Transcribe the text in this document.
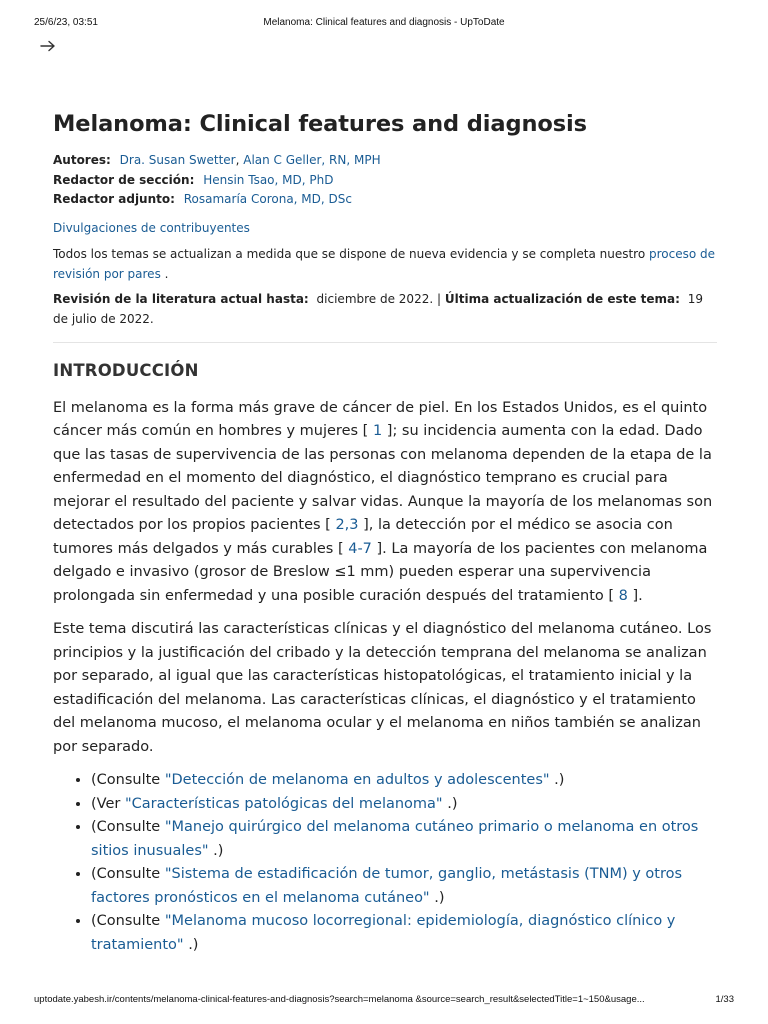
25/6/23, 03:51	Melanoma: Clinical features and diagnosis - UpToDate
Melanoma: Clinical features and diagnosis
Autores: Dra. Susan Swetter, Alan C Geller, RN, MPH
Redactor de sección: Hensin Tsao, MD, PhD
Redactor adjunto: Rosamaría Corona, MD, DSc
Divulgaciones de contribuyentes
Todos los temas se actualizan a medida que se dispone de nueva evidencia y se completa nuestro proceso de revisión por pares .
Revisión de la literatura actual hasta: diciembre de 2022. | Última actualización de este tema: 19 de julio de 2022.
INTRODUCCIÓN

El melanoma es la forma más grave de cáncer de piel. En los Estados Unidos, es el quinto cáncer más común en hombres y mujeres [ 1 ]; su incidencia aumenta con la edad. Dado que las tasas de supervivencia de las personas con melanoma dependen de la etapa de la enfermedad en el momento del diagnóstico, el diagnóstico temprano es crucial para mejorar el resultado del paciente y salvar vidas. Aunque la mayoría de los melanomas son detectados por los propios pacientes [ 2,3 ], la detección por el médico se asocia con tumores más delgados y más curables [ 4-7 ]. La mayoría de los pacientes con melanoma delgado e invasivo (grosor de Breslow ≤1 mm) pueden esperar una supervivencia prolongada sin enfermedad y una posible curación después del tratamiento [ 8 ].

Este tema discutirá las características clínicas y el diagnóstico del melanoma cutáneo. Los principios y la justificación del cribado y la detección temprana del melanoma se analizan por separado, al igual que las características histopatológicas, el tratamiento inicial y la estadificación del melanoma. Las características clínicas, el diagnóstico y el tratamiento del melanoma mucoso, el melanoma ocular y el melanoma en niños también se analizan por separado.

• (Consulte "Detección de melanoma en adultos y adolescentes" .)
• (Ver "Características patológicas del melanoma" .)
• (Consulte "Manejo quirúrgico del melanoma cutáneo primario o melanoma en otros sitios inusuales" .)
• (Consulte "Sistema de estadificación de tumor, ganglio, metástasis (TNM) y otros factores pronósticos en el melanoma cutáneo" .)
• (Consulte "Melanoma mucoso locorregional: epidemiología, diagnóstico clínico y tratamiento" .)
uptodate.yabesh.ir/contents/melanoma-clinical-features-and-diagnosis?search=melanoma &source=search_result&selectedTitle=1~150&usage...	1/33
